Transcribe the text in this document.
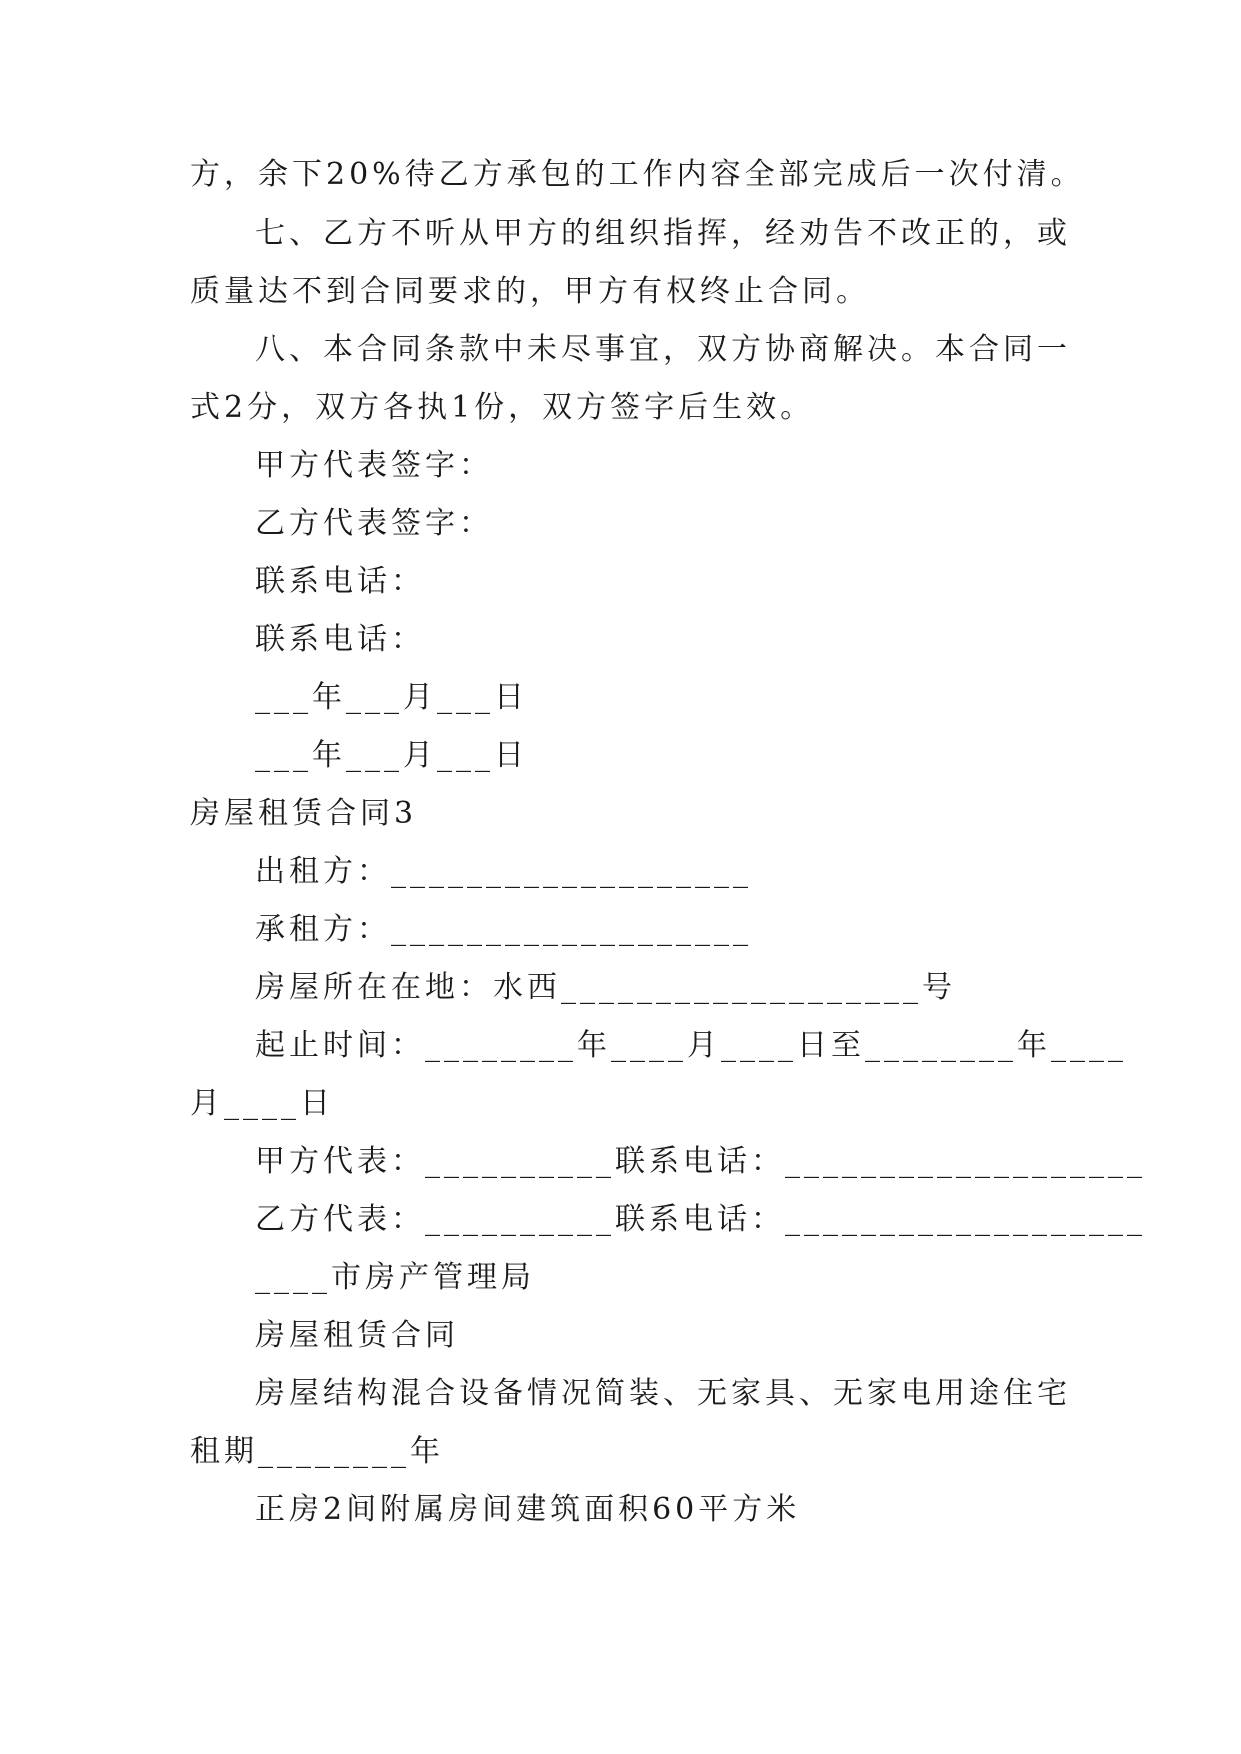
方，余下20%待乙方承包的工作内容全部完成后一次付清。
七、乙方不听从甲方的组织指挥，经劝告不改正的，或
质量达不到合同要求的，甲方有权终止合同。
八、本合同条款中未尽事宜，双方协商解决。本合同一
式2分，双方各执1份，双方签字后生效。
甲方代表签字：
乙方代表签字：
联系电话：
联系电话：
___年___月___日
___年___月___日
房屋租赁合同3
出租方：___________________
承租方：___________________
房屋所在在地：水西___________________号
起止时间：________年____月____日至________年____
月____日
甲方代表：__________联系电话：___________________
乙方代表：__________联系电话：___________________
____市房产管理局
房屋租赁合同
房屋结构混合设备情况简装、无家具、无家电用途住宅
租期________年
正房2间附属房间建筑面积60平方米
